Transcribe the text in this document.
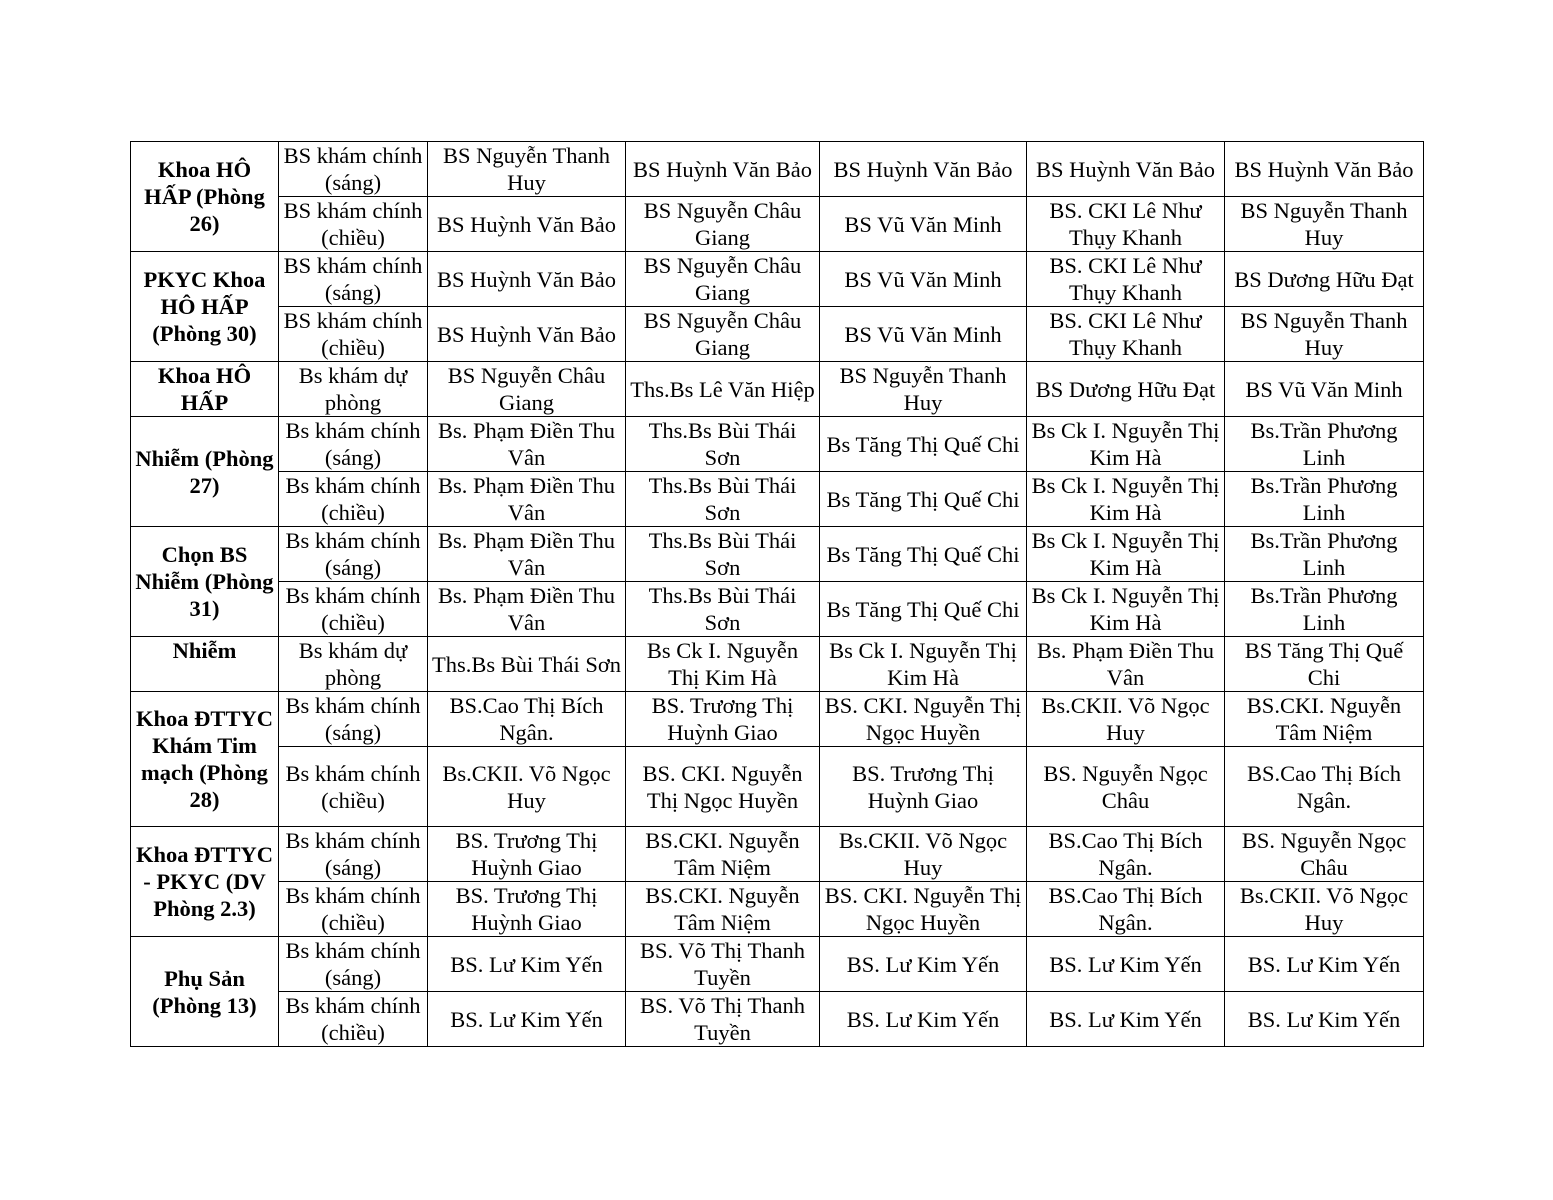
Khoa HÔ HẤP (Phòng 26)	BS khám chính (sáng)	BS Nguyễn Thanh Huy	BS Huỳnh Văn Bảo	BS Huỳnh Văn Bảo	BS Huỳnh Văn Bảo	BS Huỳnh Văn Bảo
	BS khám chính (chiều)	BS Huỳnh Văn Bảo	BS Nguyễn Châu Giang	BS Vũ Văn Minh	BS. CKI Lê Như Thụy Khanh	BS Nguyễn Thanh Huy
PKYC Khoa HÔ HẤP (Phòng 30)	BS khám chính (sáng)	BS Huỳnh Văn Bảo	BS Nguyễn Châu Giang	BS Vũ Văn Minh	BS. CKI Lê Như Thụy Khanh	BS Dương Hữu Đạt
	BS khám chính (chiều)	BS Huỳnh Văn Bảo	BS Nguyễn Châu Giang	BS Vũ Văn Minh	BS. CKI Lê Như Thụy Khanh	BS Nguyễn Thanh Huy
Khoa HÔ HẤP	Bs khám dự phòng	BS Nguyễn Châu Giang	Ths.Bs Lê Văn Hiệp	BS Nguyễn Thanh Huy	BS Dương Hữu Đạt	BS Vũ Văn Minh
Nhiễm (Phòng 27)	Bs khám chính (sáng)	Bs. Phạm Điền Thu Vân	Ths.Bs Bùi Thái Sơn	Bs Tăng Thị Quế Chi	Bs Ck I. Nguyễn Thị Kim Hà	Bs.Trần Phương Linh
	Bs khám chính (chiều)	Bs. Phạm Điền Thu Vân	Ths.Bs Bùi Thái Sơn	Bs Tăng Thị Quế Chi	Bs Ck I. Nguyễn Thị Kim Hà	Bs.Trần Phương Linh
Chọn BS Nhiễm (Phòng 31)	Bs khám chính (sáng)	Bs. Phạm Điền Thu Vân	Ths.Bs Bùi Thái Sơn	Bs Tăng Thị Quế Chi	Bs Ck I. Nguyễn Thị Kim Hà	Bs.Trần Phương Linh
	Bs khám chính (chiều)	Bs. Phạm Điền Thu Vân	Ths.Bs Bùi Thái Sơn	Bs Tăng Thị Quế Chi	Bs Ck I. Nguyễn Thị Kim Hà	Bs.Trần Phương Linh
Nhiễm	Bs khám dự phòng	Ths.Bs Bùi Thái Sơn	Bs Ck I. Nguyễn Thị Kim Hà	Bs Ck I. Nguyễn Thị Kim Hà	Bs. Phạm Điền Thu Vân	BS Tăng Thị Quế Chi
Khoa ĐTTYC Khám Tim mạch (Phòng 28)	Bs khám chính (sáng)	BS.Cao Thị Bích Ngân.	BS. Trương Thị Huỳnh Giao	BS. CKI. Nguyễn Thị Ngọc Huyền	Bs.CKII. Võ Ngọc Huy	BS.CKI. Nguyễn Tâm Niệm
	Bs khám chính (chiều)	Bs.CKII. Võ Ngọc Huy	BS. CKI. Nguyễn Thị Ngọc Huyền	BS. Trương Thị Huỳnh Giao	BS. Nguyễn Ngọc Châu	BS.Cao Thị Bích Ngân.
Khoa ĐTTYC - PKYC (DV Phòng 2.3)	Bs khám chính (sáng)	BS. Trương Thị Huỳnh Giao	BS.CKI. Nguyễn Tâm Niệm	Bs.CKII. Võ Ngọc Huy	BS.Cao Thị Bích Ngân.	BS. Nguyễn Ngọc Châu
	Bs khám chính (chiều)	BS. Trương Thị Huỳnh Giao	BS.CKI. Nguyễn Tâm Niệm	BS. CKI. Nguyễn Thị Ngọc Huyền	BS.Cao Thị Bích Ngân.	Bs.CKII. Võ Ngọc Huy
Phụ Sản (Phòng 13)	Bs khám chính (sáng)	BS. Lư Kim Yến	BS. Võ Thị Thanh Tuyền	BS. Lư Kim Yến	BS. Lư Kim Yến	BS. Lư Kim Yến
	Bs khám chính (chiều)	BS. Lư Kim Yến	BS. Võ Thị Thanh Tuyền	BS. Lư Kim Yến	BS. Lư Kim Yến	BS. Lư Kim Yến
